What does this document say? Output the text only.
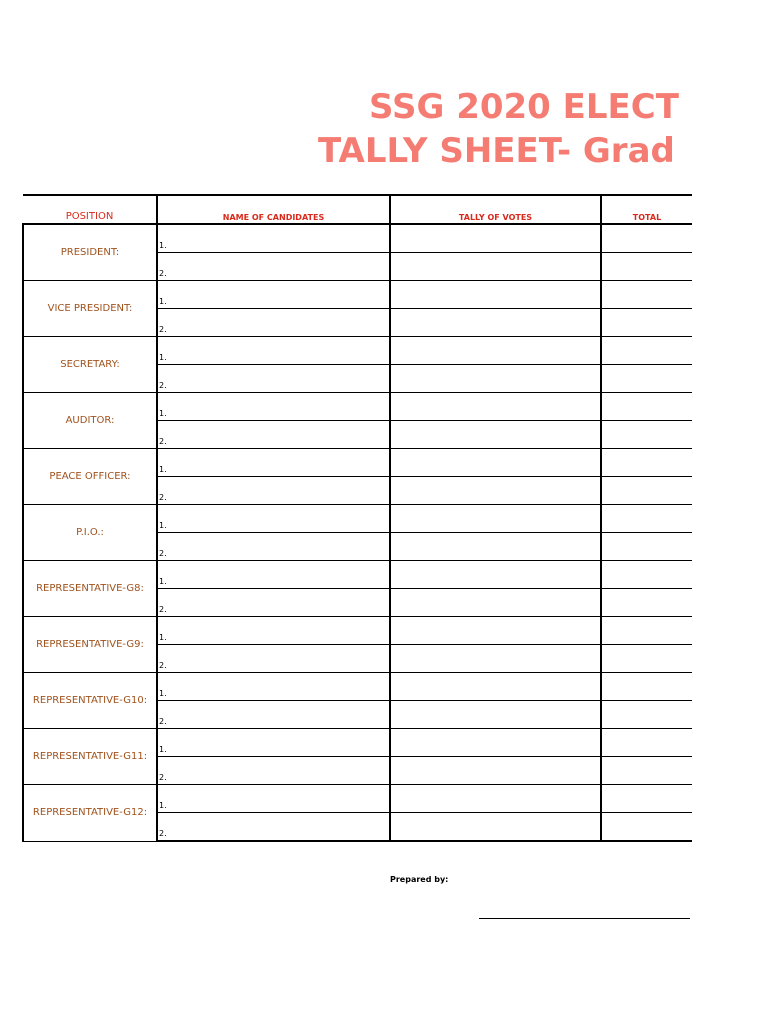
SSG 2020 ELECT
TALLY SHEET- Grad
POSITION	NAME OF CANDIDATES	TALLY OF VOTES	TOTAL

PRESIDENT:	1.		

	2.		

VICE PRESIDENT:	1.		

	2.		

SECRETARY:	1.		

	2.		

AUDITOR:	1.		

	2.		

PEACE OFFICER:	1.		

	2.		

P.I.O.:	1.		

	2.		

REPRESENTATIVE-G8:	1.		

	2.		

REPRESENTATIVE-G9:	1.		

	2.		

REPRESENTATIVE-G10:	1.		

	2.		

REPRESENTATIVE-G11:	1.		

	2.		

REPRESENTATIVE-G12:	1.		

	2.		

Prepared by:
